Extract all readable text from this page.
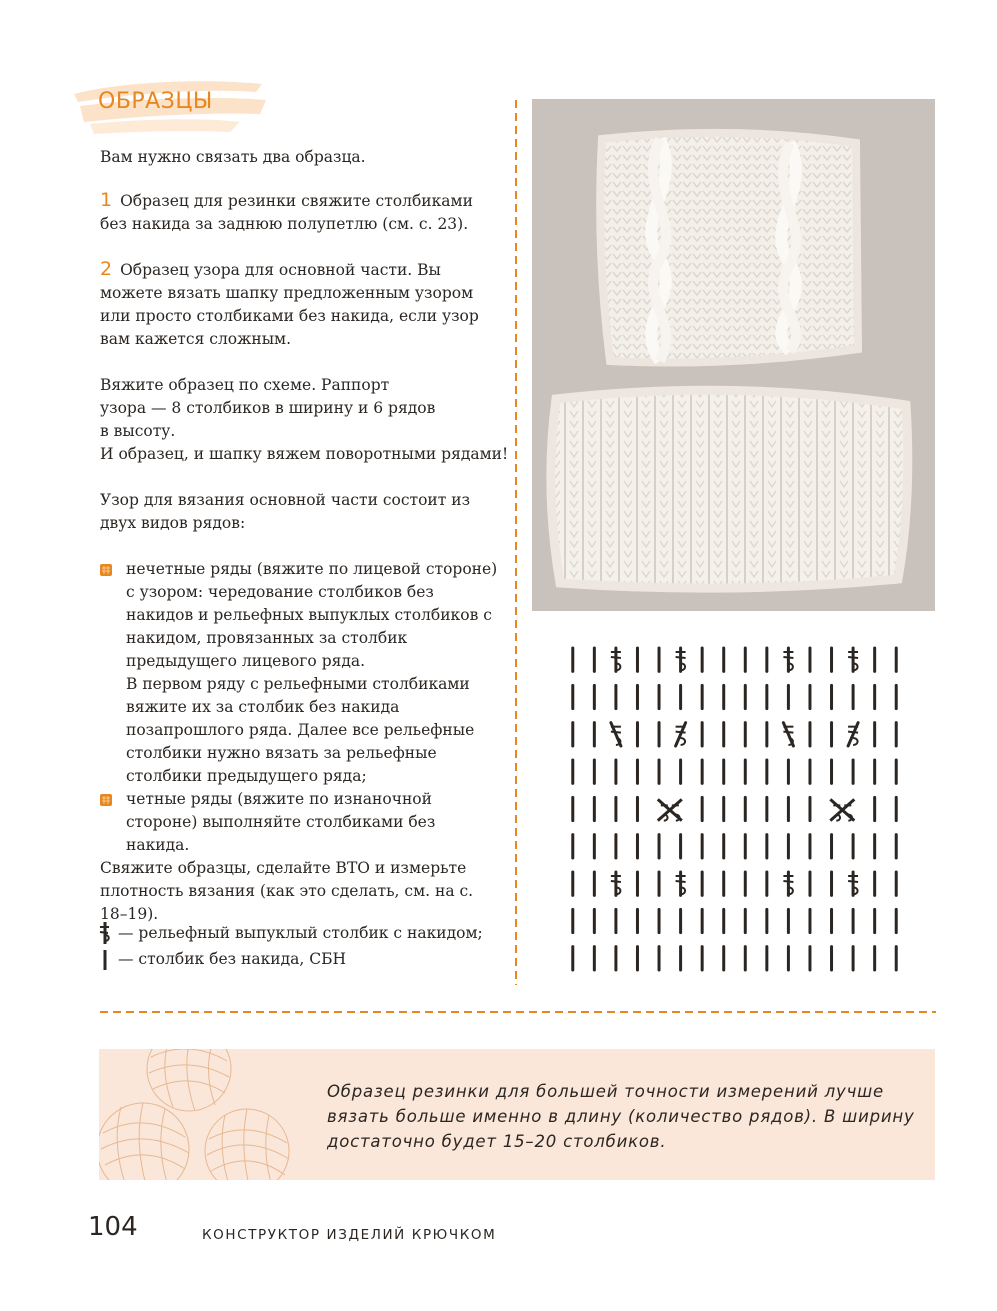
ОБРАЗЦЫ
Вам нужно связать два образца.
1 Образец для резинки свяжите столбиками без накида за заднюю полупетлю (см. с. 23).
2 Образец узора для основной части. Вы можете вязать шапку предложенным узором или просто столбиками без накида, если узор вам кажется сложным.
Вяжите образец по схеме. Раппорт узора — 8 столбиков в ширину и 6 рядов в высоту.
И образец, и шапку вяжем поворотными рядами!
Узор для вязания основной части состоит из двух видов рядов:
нечетные ряды (вяжите по лицевой стороне) с узором: чередование столбиков без накидов и рельефных выпуклых столбиков с накидом, провязанных за столбик предыдущего лицевого ряда.
В первом ряду с рельефными столбиками вяжите их за столбик без накида позапрошлого ряда. Далее все рельефные столбики нужно вязать за рельефные столбики предыдущего ряда;
четные ряды (вяжите по изнаночной стороне) выполняйте столбиками без накида.
Свяжите образцы, сделайте ВТО и измерьте плотность вязания (как это сделать, см. на с. 18–19).
— рельефный выпуклый столбик с накидом;
— столбик без накида, СБН
Образец резинки для большей точности измерений лучше вязать больше именно в длину (количество рядов). В ширину достаточно будет 15–20 столбиков.
104	КОНСТРУКТОР ИЗДЕЛИЙ КРЮЧКОМ
